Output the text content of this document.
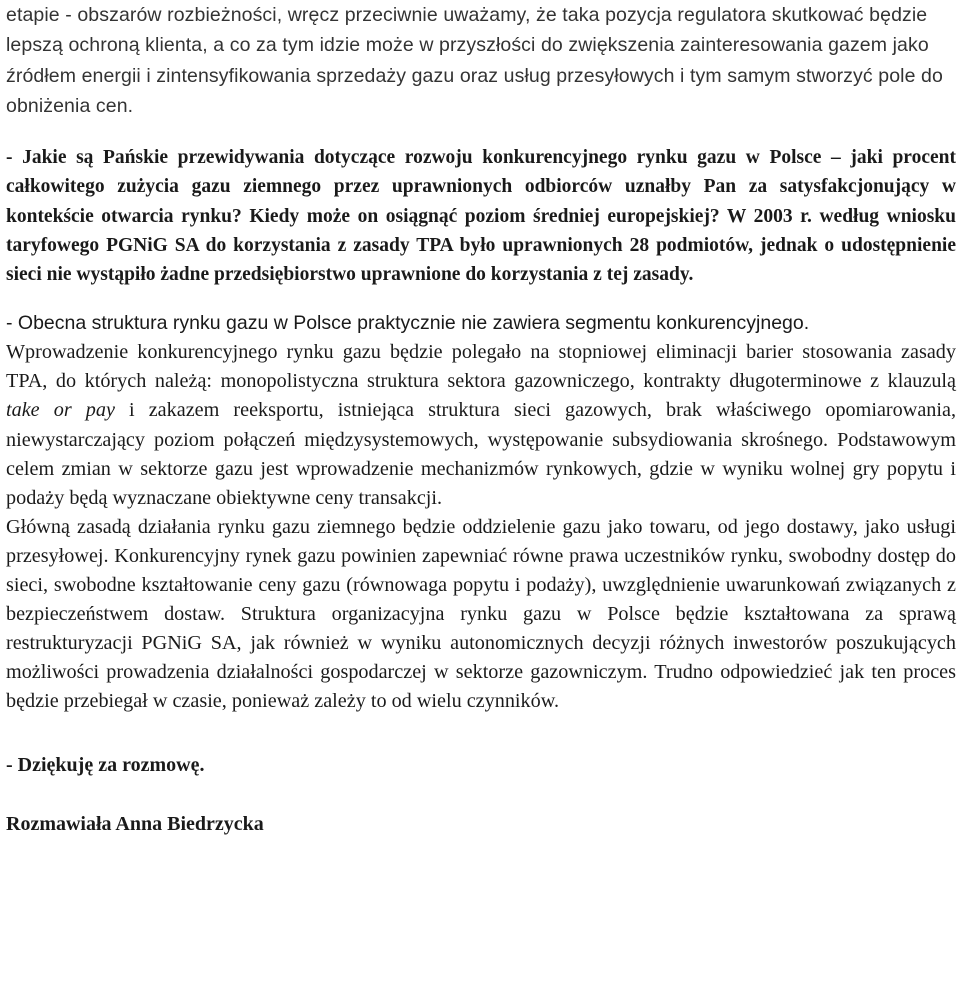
etapie - obszarów rozbieżności, wręcz przeciwnie uważamy, że taka pozycja regulatora skutkować będzie lepszą ochroną klienta, a co za tym idzie może w przyszłości do zwiększenia zainteresowania gazem jako źródłem energii i zintensyfikowania sprzedaży gazu oraz usług przesyłowych i tym samym stworzyć pole do obniżenia cen.

- Jakie są Pańskie przewidywania dotyczące rozwoju konkurencyjnego rynku gazu w Polsce – jaki procent całkowitego zużycia gazu ziemnego przez uprawnionych odbiorców uznałby Pan za satysfakcjonujący w kontekście otwarcia rynku? Kiedy może on osiągnąć poziom średniej europejskiej? W 2003 r. według wniosku taryfowego PGNiG SA do korzystania z zasady TPA było uprawnionych 28 podmiotów, jednak o udostępnienie sieci nie wystąpiło żadne przedsiębiorstwo uprawnione do korzystania z tej zasady.

- Obecna struktura rynku gazu w Polsce praktycznie nie zawiera segmentu konkurencyjnego.

Wprowadzenie konkurencyjnego rynku gazu będzie polegało na stopniowej eliminacji barier stosowania zasady TPA, do których należą: monopolistyczna struktura sektora gazowniczego, kontrakty długoterminowe z klauzulą take or pay i zakazem reeksportu, istniejąca struktura sieci gazowych, brak właściwego opomiarowania, niewystarczający poziom połączeń międzysystemowych, występowanie subsydiowania skrośnego. Podstawowym celem zmian w sektorze gazu jest wprowadzenie mechanizmów rynkowych, gdzie w wyniku wolnej gry popytu i podaży będą wyznaczane obiektywne ceny transakcji.

Główną zasadą działania rynku gazu ziemnego będzie oddzielenie gazu jako towaru, od jego dostawy, jako usługi przesyłowej. Konkurencyjny rynek gazu powinien zapewniać równe prawa uczestników rynku, swobodny dostęp do sieci, swobodne kształtowanie ceny gazu (równowaga popytu i podaży), uwzględnienie uwarunkowań związanych z bezpieczeństwem dostaw. Struktura organizacyjna rynku gazu w Polsce będzie kształtowana za sprawą restrukturyzacji PGNiG SA, jak również w wyniku autonomicznych decyzji różnych inwestorów poszukujących możliwości prowadzenia działalności gospodarczej w sektorze gazowniczym. Trudno odpowiedzieć jak ten proces będzie przebiegał w czasie, ponieważ zależy to od wielu czynników.

- Dziękuję za rozmowę.

Rozmawiała Anna Biedrzycka
